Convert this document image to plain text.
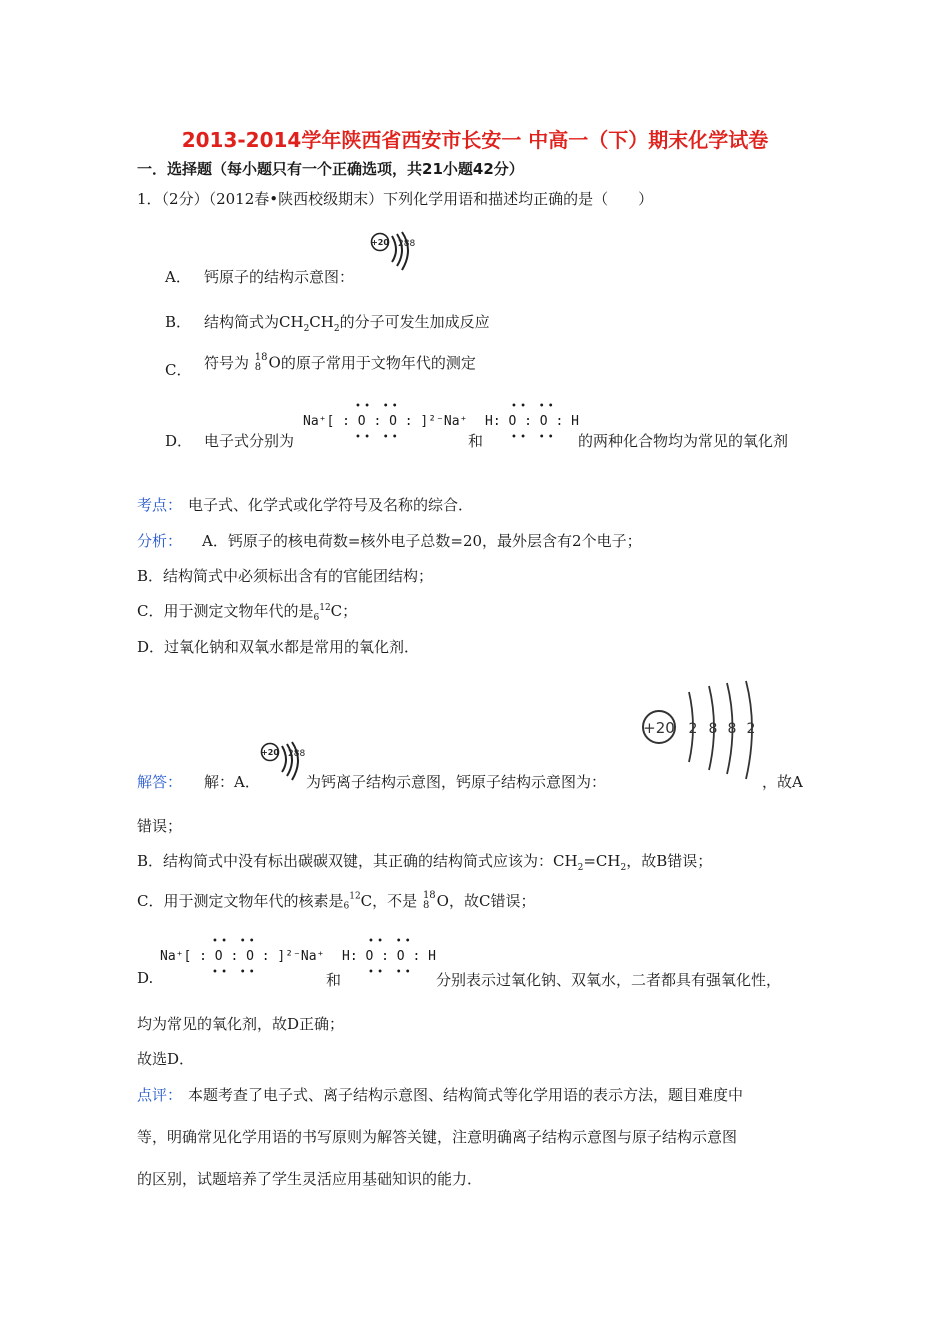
2013-2014学年陕西省西安市长安一 中高一（下）期末化学试卷
一．选择题（每小题只有一个正确选项，共21小题42分）
1．（2分）（2012春•陕西校级期末）下列化学用语和描述均正确的是（　　）
+20 288
A． 钙原子的结构示意图：
B． 结构简式为$CH_2CH_2$的分子可发生加成反应
C． 符号为 18
8 O的原子常用于文物年代的测定
D． 电子式分别为
• •    • •
Na⁺[ : O : O : ]²⁻Na⁺
• •    • •	和
• •    • •
H: O : O : H
• •    • • 的两种化合物均为常见的氧化剂
考点： 电子式、化学式或化学符号及名称的综合．
分析： A．钙原子的核电荷数=核外电子总数=20，最外层含有2个电子；
B．结构简式中必须标出含有的官能团结构；
C．用于测定文物年代的是$_6^{12}$C；
D．过氧化钠和双氧水都是常用的氧化剂．
+20 288
+20 2 8 8 2
解答： 解：A．	为钙离子结构示意图，钙原子结构示意图为：	，故A
错误；
B．结构简式中没有标出碳碳双键，其正确的结构简式应该为：$CH_2=CH_2$，故B错误；
C．用于测定文物年代的核素是$_6^{12}$C，不是 18
8 O，故C错误；
D.
• •    • •
Na⁺[ : O : O : ]²⁻Na⁺
• •    • •	和
• •    • •
H: O : O : H
• •    • • 分别表示过氧化钠、双氧水，二者都具有强氧化性，
均为常见的氧化剂，故D正确；
故选D．
点评： 本题考查了电子式、离子结构示意图、结构简式等化学用语的表示方法，题目难度中
等，明确常见化学用语的书写原则为解答关键，注意明确离子结构示意图与原子结构示意图
的区别，试题培养了学生灵活应用基础知识的能力．
